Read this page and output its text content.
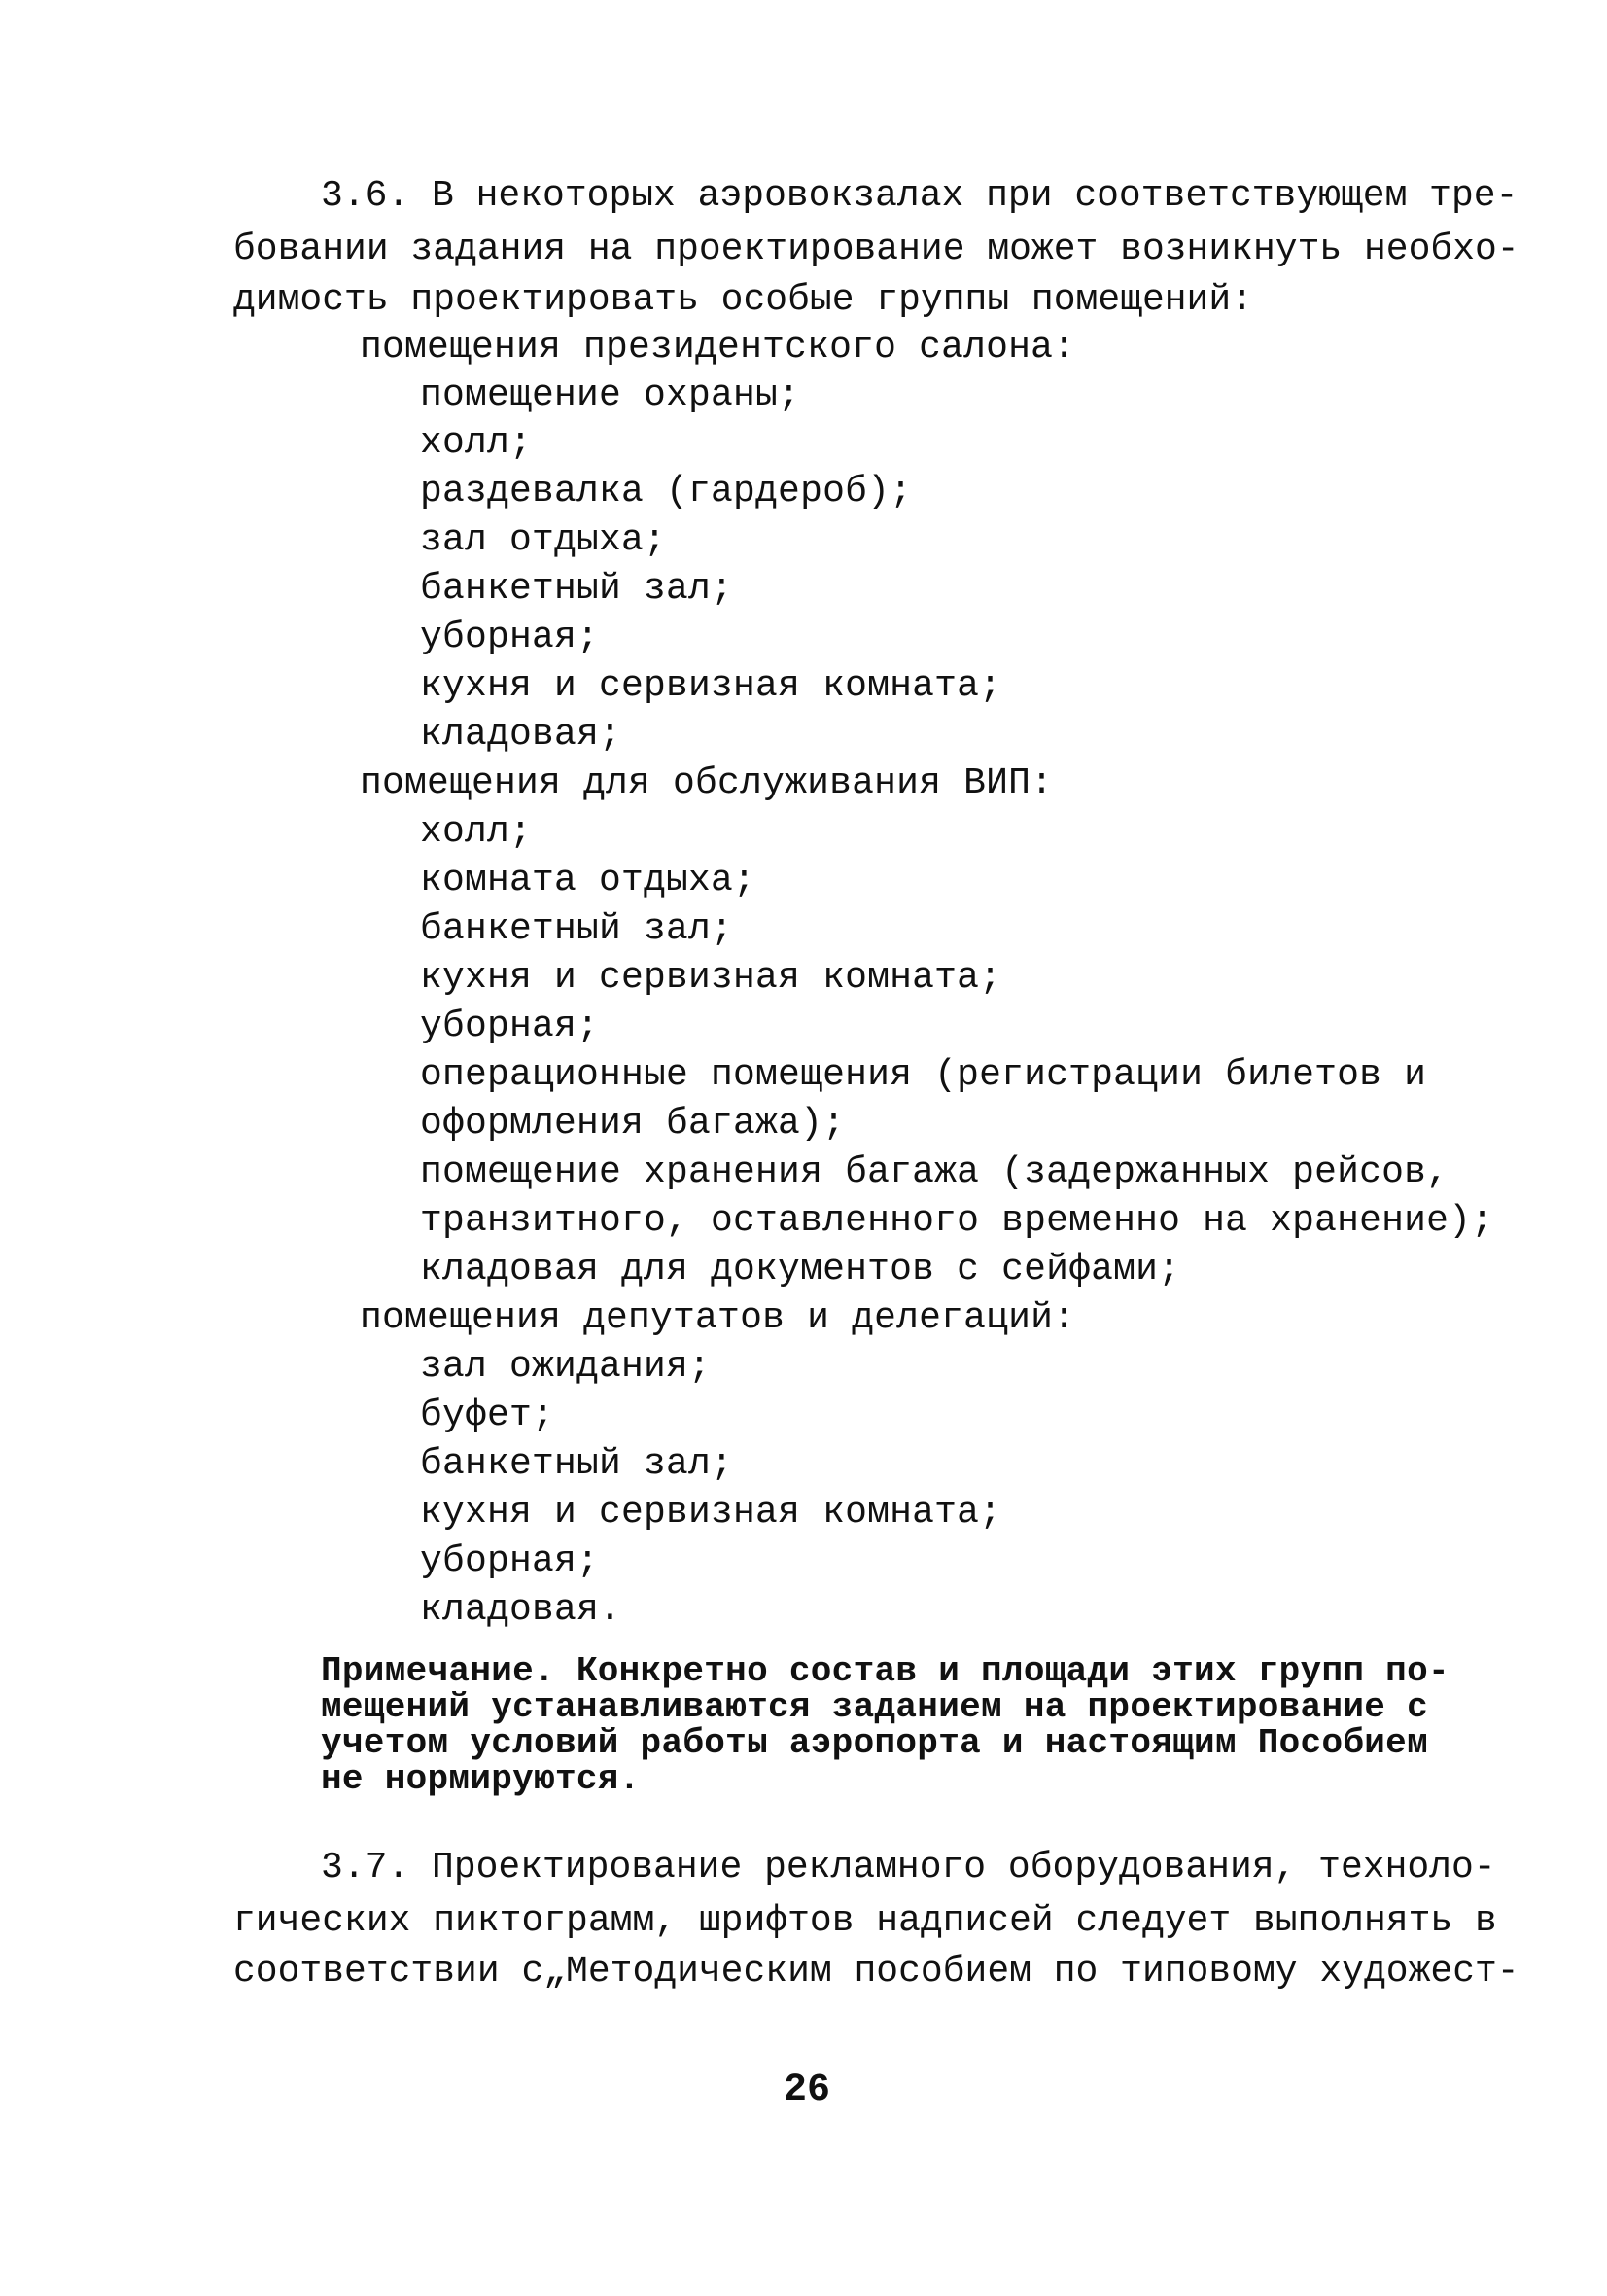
3.6. В некоторых аэровокзалах при соответствующем тре-
бовании задания на проектирование может возникнуть необхо-
димость проектировать особые группы помещений:
помещения президентского салона:
помещение охраны;
холл;
раздевалка (гардероб);
зал отдыха;
банкетный зал;
уборная;
кухня и сервизная комната;
кладовая;
помещения для обслуживания ВИП:
холл;
комната отдыха;
банкетный зал;
кухня и сервизная комната;
уборная;
операционные помещения (регистрации билетов и
оформления багажа);
помещение хранения багажа (задержанных рейсов,
транзитного, оставленного временно на хранение);
кладовая для документов с сейфами;
помещения депутатов и делегаций:
зал ожидания;
буфет;
банкетный зал;
кухня и сервизная комната;
уборная;
кладовая.
Примечание. Конкретно состав и площади этих групп по-
мещений устанавливаются заданием на проектирование с
учетом условий работы аэропорта и настоящим Пособием
не нормируются.
3.7. Проектирование рекламного оборудования, техноло-
гических пиктограмм, шрифтов надписей следует выполнять в
соответствии с„Методическим пособием по типовому художест-
26
